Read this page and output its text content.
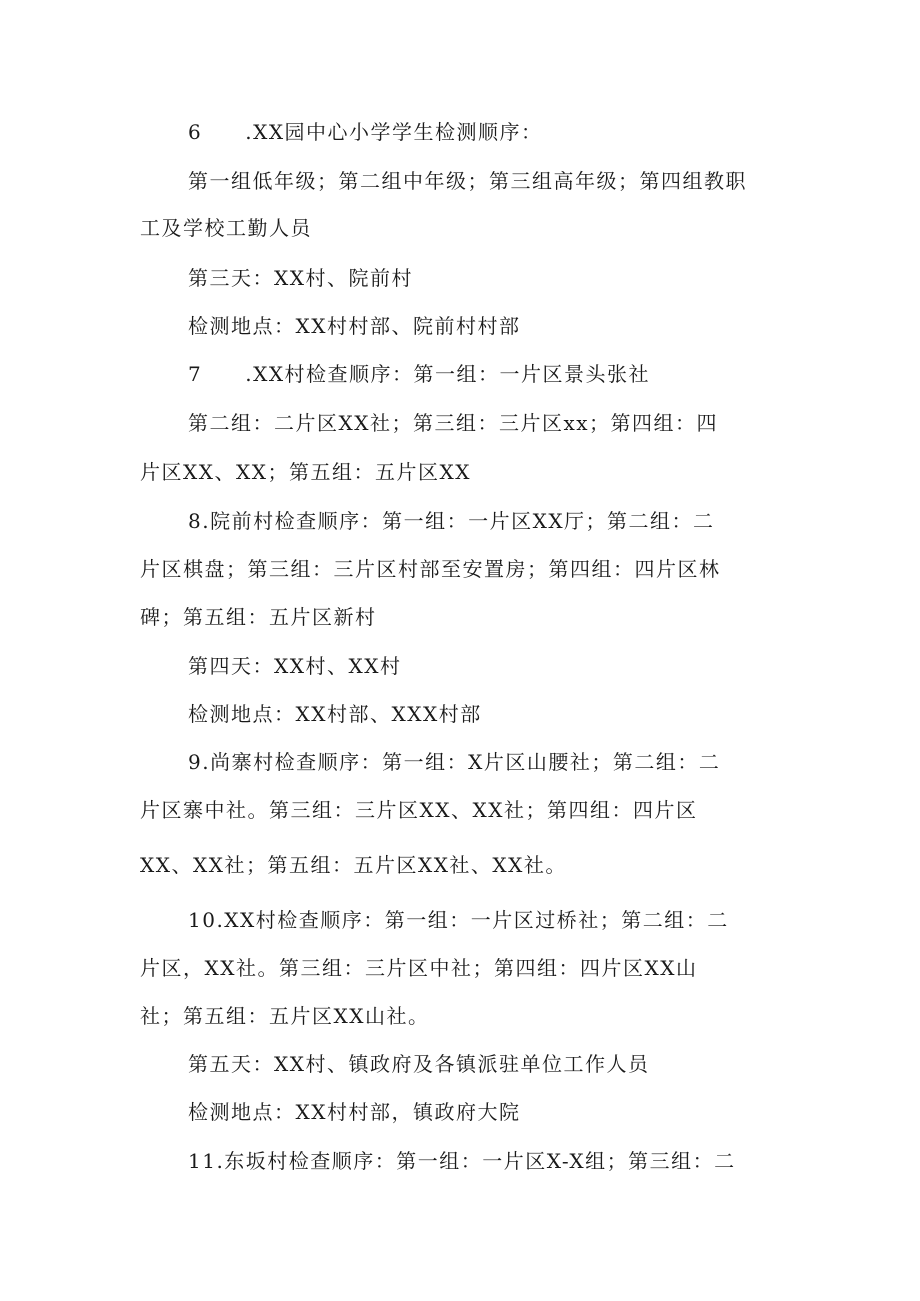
6　　.XX园中心小学学生检测顺序：
第一组低年级；第二组中年级；第三组高年级；第四组教职
工及学校工勤人员
第三天：XX村、院前村
检测地点：XX村村部、院前村村部
7　　.XX村检查顺序：第一组：一片区景头张社
第二组：二片区XX社；第三组：三片区xx；第四组：四
片区XX、XX；第五组：五片区XX
8.院前村检查顺序：第一组：一片区XX厅；第二组：二
片区棋盘；第三组：三片区村部至安置房；第四组：四片区林
碑；第五组：五片区新村
第四天：XX村、XX村
检测地点：XX村部、XXX村部
9.尚寨村检查顺序：第一组：X片区山腰社；第二组：二
片区寨中社。第三组：三片区XX、XX社；第四组：四片区
XX、XX社；第五组：五片区XX社、XX社。
10.XX村检查顺序：第一组：一片区过桥社；第二组：二
片区，XX社。第三组：三片区中社；第四组：四片区XX山
社；第五组：五片区XX山社。
第五天：XX村、镇政府及各镇派驻单位工作人员
检测地点：XX村村部，镇政府大院
11.东坂村检查顺序：第一组：一片区X-X组；第三组：二
